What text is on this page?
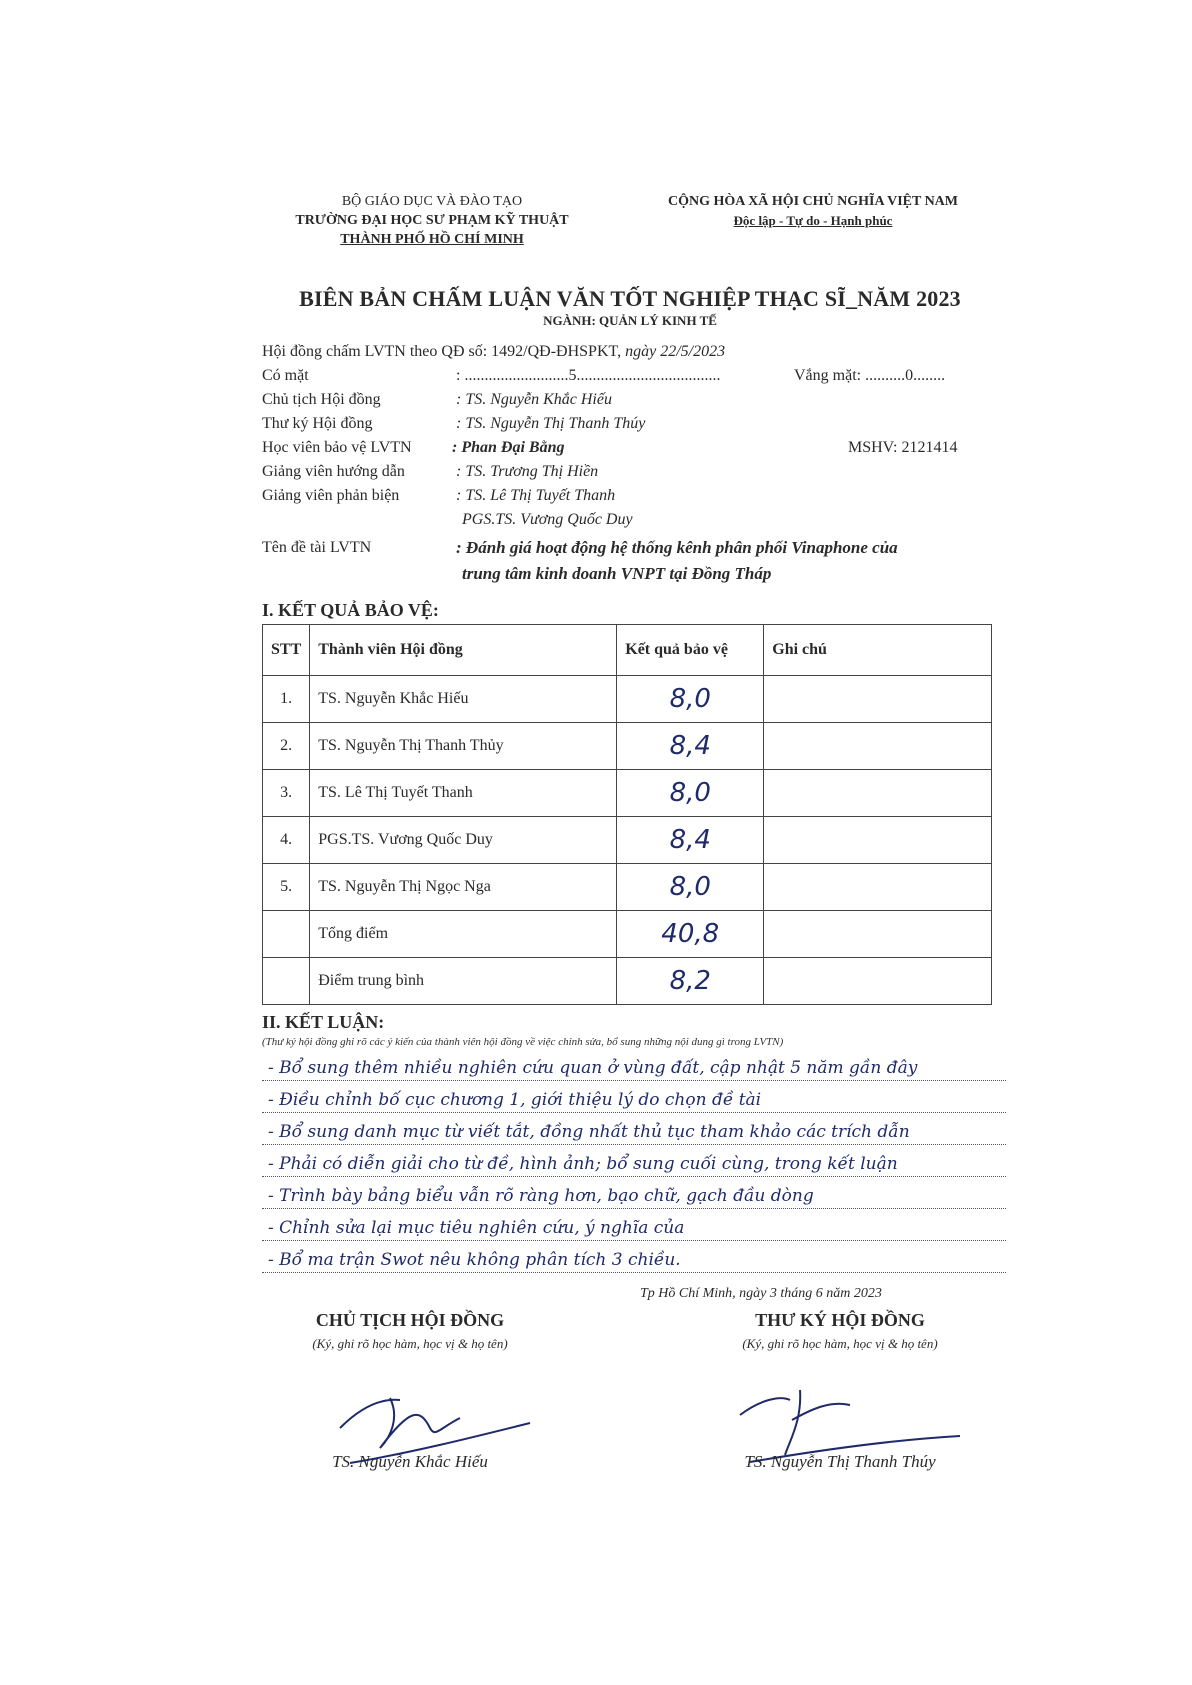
BỘ GIÁO DỤC VÀ ĐÀO TẠO
TRƯỜNG ĐẠI HỌC SƯ PHẠM KỸ THUẬT
THÀNH PHỐ HỒ CHÍ MINH
CỘNG HÒA XÃ HỘI CHỦ NGHĨA VIỆT NAM
Độc lập - Tự do - Hạnh phúc
BIÊN BẢN CHẤM LUẬN VĂN TỐT NGHIỆP THẠC SĨ_NĂM 2023
NGÀNH: QUẢN LÝ KINH TẾ
Hội đồng chấm LVTN theo QĐ số: 1492/QĐ-ĐHSPKT, ngày 22/5/2023
Có mặt	: ..........................5....................................	Vắng mặt: ..........0........
Chủ tịch Hội đồng	: TS. Nguyễn Khắc Hiếu
Thư ký Hội đồng	: TS. Nguyễn Thị Thanh Thúy
Học viên bảo vệ LVTN	: Phan Đại Bằng	MSHV: 2121414
Giảng viên hướng dẫn	: TS. Trương Thị Hiền
Giảng viên phản biện	: TS. Lê Thị Tuyết Thanh
PGS.TS. Vương Quốc Duy
Tên đề tài LVTN	: Đánh giá hoạt động hệ thống kênh phân phối Vinaphone của
trung tâm kinh doanh VNPT tại Đồng Tháp
I. KẾT QUẢ BẢO VỆ:
STT	Thành viên Hội đồng	Kết quả bảo vệ	Ghi chú
1.	TS. Nguyễn Khắc Hiếu	8,0	
2.	TS. Nguyễn Thị Thanh Thủy	8,4	
3.	TS. Lê Thị Tuyết Thanh	8,0	
4.	PGS.TS. Vương Quốc Duy	8,4	
5.	TS. Nguyễn Thị Ngọc Nga	8,0	
	Tổng điểm	40,8	
	Điểm trung bình	8,2	
II. KẾT LUẬN:
(Thư ký hội đồng ghi rõ các ý kiến của thành viên hội đồng về việc chỉnh sửa, bổ sung những nội dung gì trong LVTN)
- Bổ sung thêm nhiều nghiên cứu quan ở vùng đất, cập nhật 5 năm gần đây
- Điều chỉnh bố cục chương 1, giới thiệu lý do chọn đề tài
- Bổ sung danh mục từ viết tắt, đồng nhất thủ tục tham khảo các trích dẫn
- Phải có diễn giải cho từ đề, hình ảnh; bổ sung cuối cùng, trong kết luận
- Trình bày bảng biểu vẫn rõ ràng hơn, bạo chữ, gạch đầu dòng
- Chỉnh sửa lại mục tiêu nghiên cứu, ý nghĩa của
- Bổ ma trận Swot nêu không phân tích 3 chiều.
Tp Hồ Chí Minh, ngày 3 tháng 6 năm 2023
CHỦ TỊCH HỘI ĐỒNG
(Ký, ghi rõ học hàm, học vị & họ tên)
TS. Nguyễn Khắc Hiếu
THƯ KÝ HỘI ĐỒNG
(Ký, ghi rõ học hàm, học vị & họ tên)
TS. Nguyễn Thị Thanh Thúy
